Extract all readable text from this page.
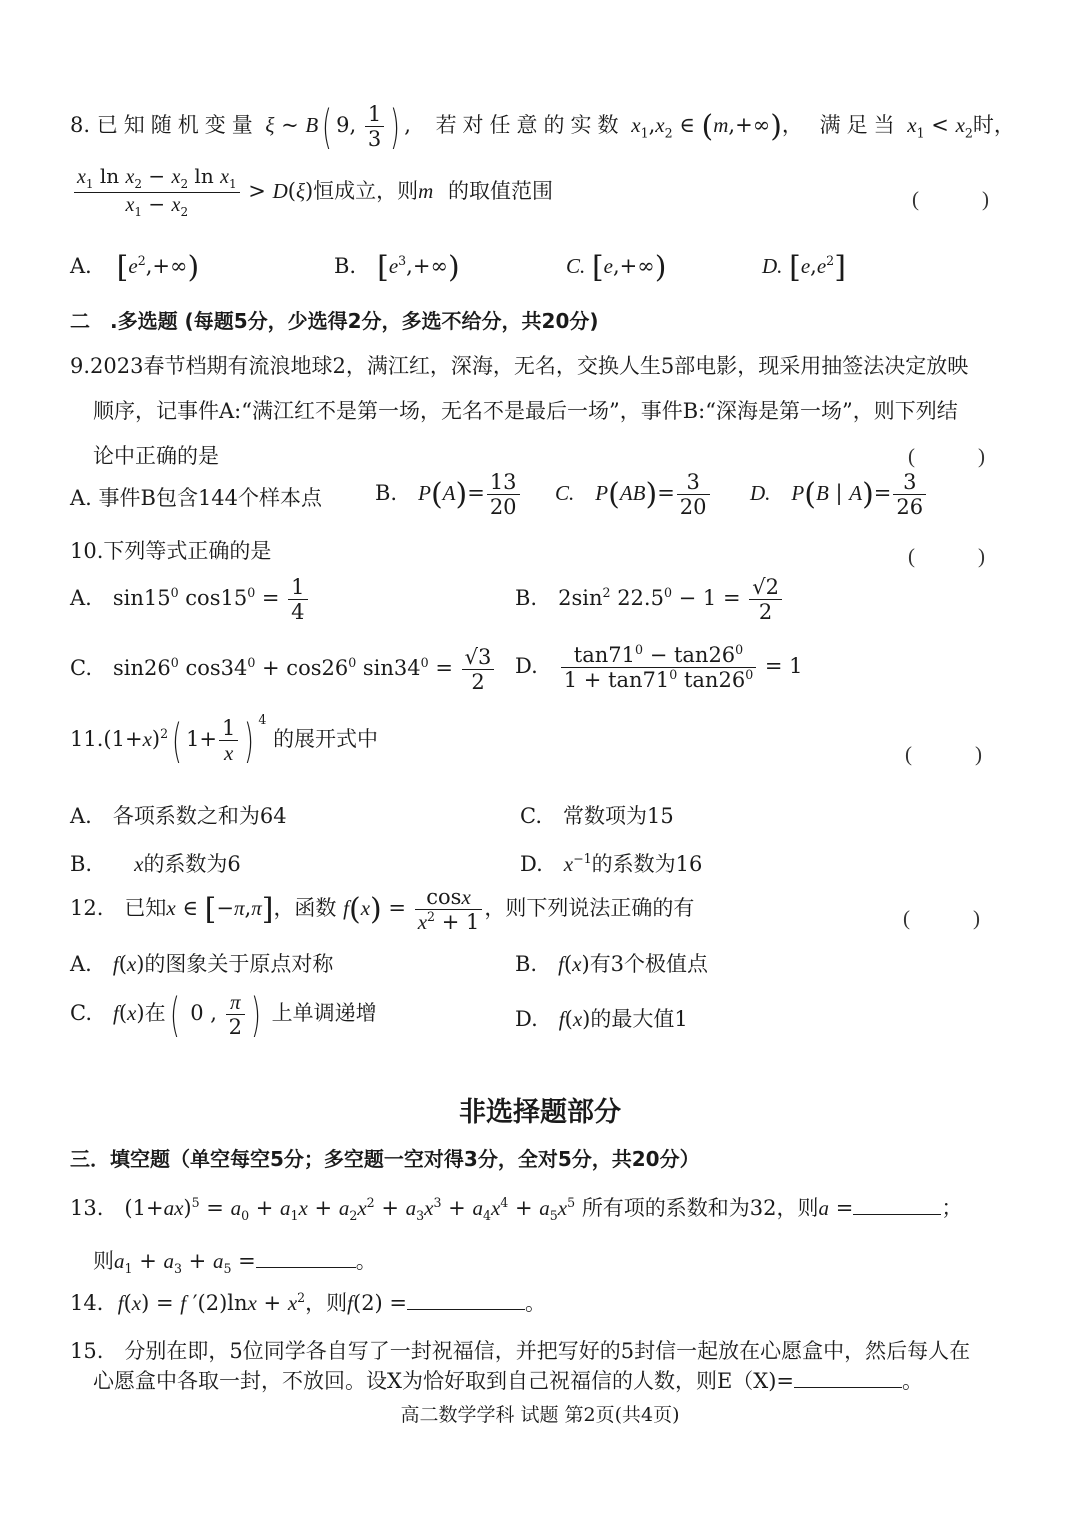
8. 已知随机变量 ξ ~ B( 9, $\frac{1}{3}$ ) , 若对任意的实数 $x_1,x_2$ ∈ (m,+∞)， 满足当 $x_1 < x_2$时，
$\frac{x_1 \ln x_2 - x_2 \ln x_1}{x_1 - x_2} > D(\xi)$恒成立，则m 的取值范围	(　　　)
A．　 $[e^2,+\infty)$	B.　 $[e^3,+\infty)$	C. [e,+∞)	D. $[e,e^2]$
二　.多选题 (每题5分，少选得2分，多选不给分，共20分)
9.2023春节档期有流浪地球2，满江红，深海，无名，交换人生5部电影，现采用抽签法决定放映
顺序，记事件A:“满江红不是第一场，无名不是最后一场”，事件B:“深海是第一场”，则下列结
论中正确的是	(　　　)
A. 事件B包含144个样本点	B.　 $P(A)= \frac{13}{20} C$.　 $P(AB)= \frac{3}{20} D$.　 P(B | $A)= \frac{3}{26}$
10.下列等式正确的是	(　　　)
A.　$\sin 15^0$ $\cos 15^0 = \frac{1}{4}$	B.　$2\sin^2$ $22.5^0 - 1 = \frac{√2}{2}$
C.　$\sin 26^0$ $\cos 34^0 + \cos 26^0$ $\sin 34^0 = \frac{√3}{2} D$.　 $\frac{\tan 71^0 - \tan 26^0}{1 + \tan 71^0 \tan 26^0} = 1$
$11.(1+x)^2$( $1+ \frac{1}{x}$ ) $^4$ 的展开式中
(　　　)
A.　各项系数之和为64	C.　常数项为15
B.　　 x的系数为6	D.　 $x^{-1}$的系数为16
12.　 已知x ∈ [−π,π]，函数 $f(x) = \frac{\cos x}{x^2 + 1}$ ，则下列说法正确的有	(　　　)
A.　 f(x)的图象关于原点对称	B.　 f(x)有3个极值点
C.　 f(x)在( 0 , $\frac{\pi}{2}$ ) 上单调递增	D.　 f(x)的最大值1
非选择题部分
三．填空题（单空每空5分；多空题一空对得3分，全对5分，共20分）
13.　$(1+ax)^5 = a_0 + a_1x + a_2x^2 + a_3x^3 + a_4x^4 + a_5x^5$ 所有项的系数和为32，则a =	；
则$a_1 + a_3 + a_5$ =	。
14．f(x) = f $'(2)\ln x + x^2$，则f(2) =	。
15.　分别在即，5位同学各自写了一封祝福信，并把写好的5封信一起放在心愿盒中，然后每人在
心愿盒中各取一封，不放回。设X为恰好取到自己祝福信的人数，则E（X)=	。
高二数学学科 试题 第2页(共4页)
